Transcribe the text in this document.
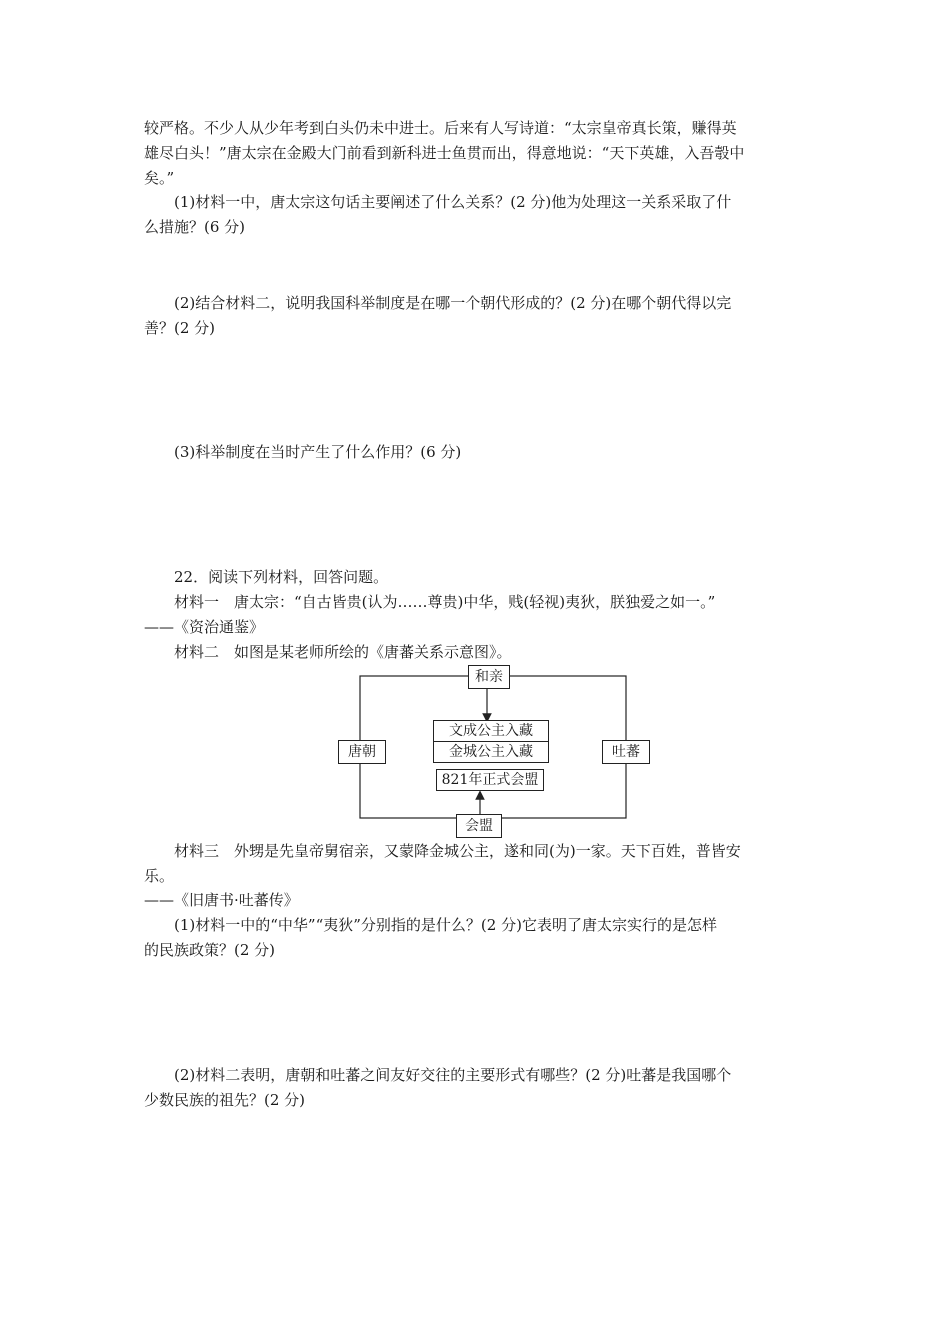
较严格。不少人从少年考到白头仍未中进士。后来有人写诗道：“太宗皇帝真长策，赚得英
雄尽白头！”唐太宗在金殿大门前看到新科进士鱼贯而出，得意地说：“天下英雄，入吾彀中
矣。”
(1)材料一中，唐太宗这句话主要阐述了什么关系？(2 分)他为处理这一关系采取了什
么措施？(6 分)
(2)结合材料二，说明我国科举制度是在哪一个朝代形成的？(2 分)在哪个朝代得以完
善？(2 分)
(3)科举制度在当时产生了什么作用？(6 分)
22．阅读下列材料，回答问题。
材料一　唐太宗：“自古皆贵(认为……尊贵)中华，贱(轻视)夷狄，朕独爱之如一。”
——《资治通鉴》
材料二　如图是某老师所绘的《唐蕃关系示意图》。
和亲
唐朝	吐蕃
文成公主入藏
金城公主入藏
821年正式会盟
会盟
材料三　外甥是先皇帝舅宿亲，又蒙降金城公主，遂和同(为)一家。天下百姓，普皆安
乐。
——《旧唐书·吐蕃传》
(1)材料一中的“中华”“夷狄”分别指的是什么？(2 分)它表明了唐太宗实行的是怎样
的民族政策？(2 分)
(2)材料二表明，唐朝和吐蕃之间友好交往的主要形式有哪些？(2 分)吐蕃是我国哪个
少数民族的祖先？(2 分)
